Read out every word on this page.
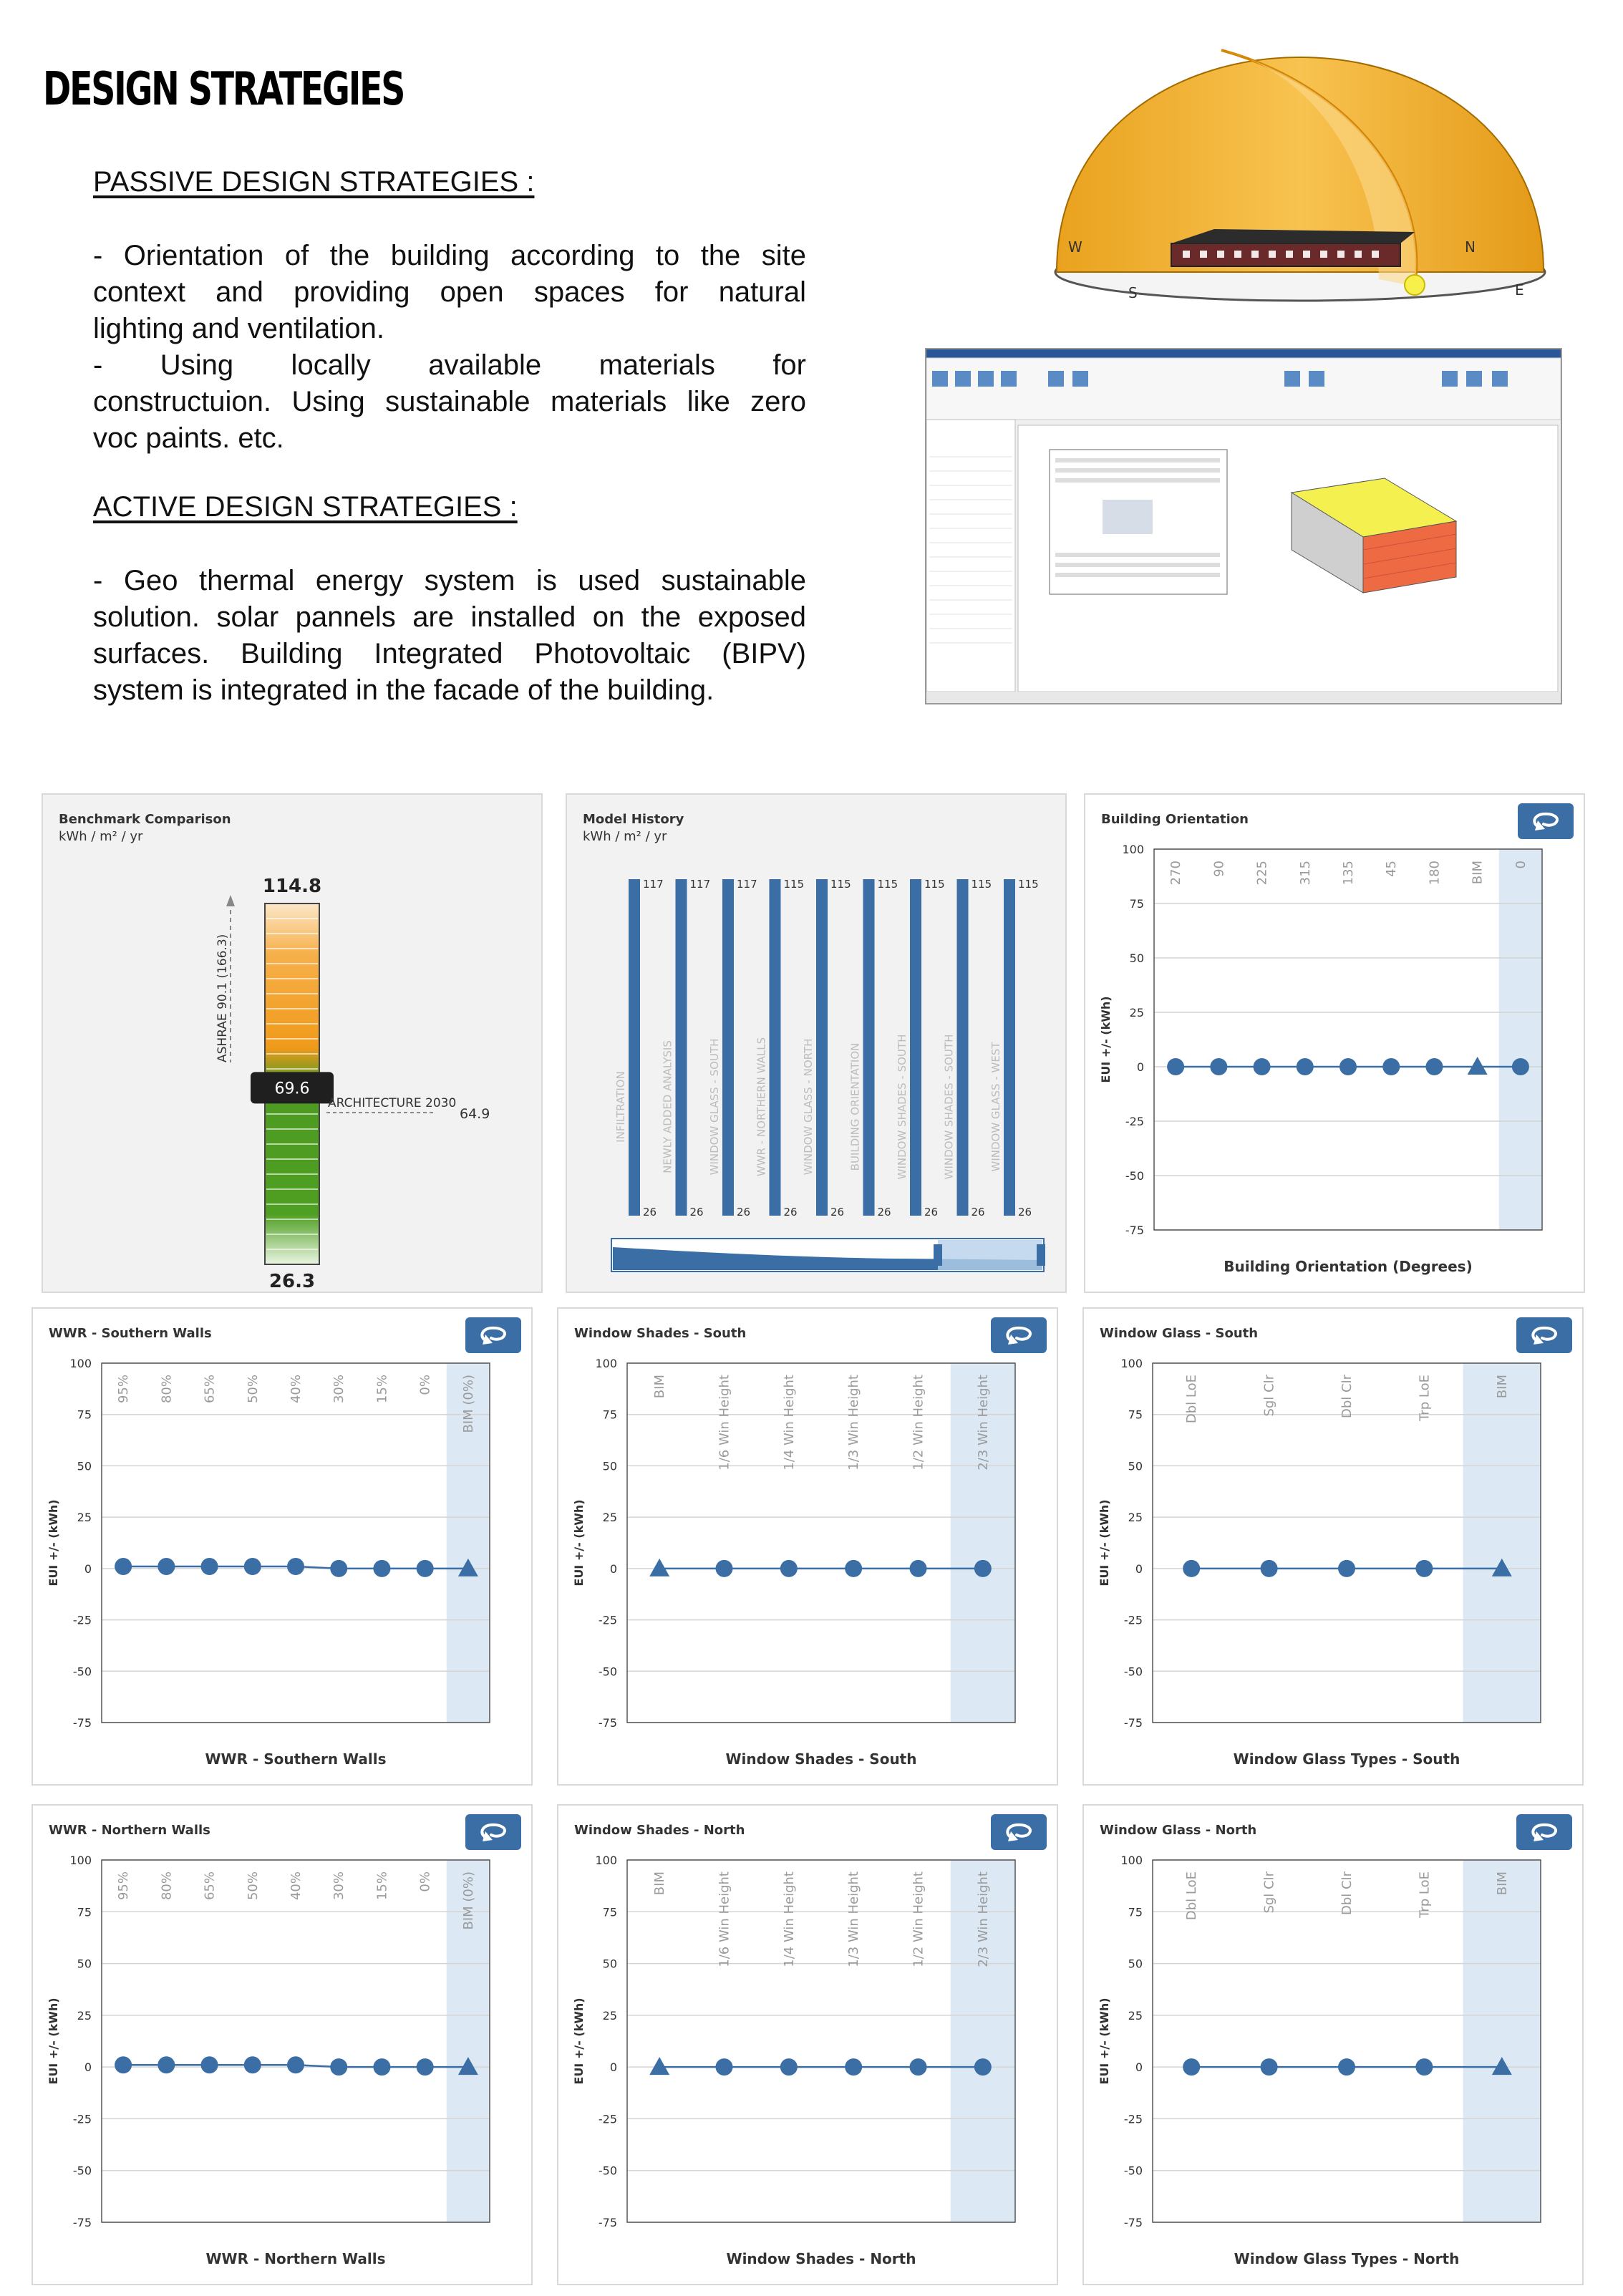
DESIGN STRATEGIES
PASSIVE DESIGN STRATEGIES :
- Orientation of the building according to the site
context and providing open spaces for natural
lighting and ventilation.
- Using locally available materials for
constructuion. Using sustainable materials like zero
voc paints. etc.
ACTIVE DESIGN STRATEGIES :
- Geo thermal energy system is used sustainable
solution. solar pannels are installed on the exposed
surfaces. Building Integrated Photovoltaic (BIPV)
system is integrated in the facade of the building.
W	N
E
S

Benchmark Comparison

kWh / m² / yr

114.8
ASHRAE 90.1 (166.3)
69.6
ARCHITECTURE 2030
64.9
26.3

Model History

kWh / m² / yr

117
26
INFILTRATION
117
26
NEWLY ADDED ANALYSIS
117
26
WINDOW GLASS - SOUTH
115
26
WWR - NORTHERN WALLS
115
26
WINDOW GLASS - NORTH
115
26
BUILDING ORIENTATION
115
26
WINDOW SHADES - SOUTH
115
26
WINDOW SHADES - SOUTH
115
26
WINDOW GLASS - WEST

Building Orientation

100
75
50
25
0
-25
-50
-75
EUI +/- (kWh)
Building Orientation (Degrees)
270 90 225 315 135 45 180 BIM 0

WWR - Southern Walls

100
75
50
25
0
-25
-50
-75
EUI +/- (kWh)
WWR - Southern Walls
95% 80% 65% 50% 40% 30% 15% 0% BIM (0%)

Window Shades - South

100
75
50
25
0
-25
-50
-75
EUI +/- (kWh)
Window Shades - South
BIM	1/6 Win Height	1/4 Win Height	1/3 Win Height	1/2 Win Height	2/3 Win Height

Window Glass - South

100
75
50
25
0
-25
-50
-75
EUI +/- (kWh)
Window Glass Types - South
Dbl LoE	Sgl Clr	Dbl Clr	Trp LoE	BIM

WWR - Northern Walls

100
75
50
25
0
-25
-50
-75
EUI +/- (kWh)
WWR - Northern Walls
95% 80% 65% 50% 40% 30% 15% 0% BIM (0%)

Window Shades - North

100
75
50
25
0
-25
-50
-75
EUI +/- (kWh)
Window Shades - North
BIM	1/6 Win Height	1/4 Win Height	1/3 Win Height	1/2 Win Height	2/3 Win Height

Window Glass - North

100
75
50
25
0
-25
-50
-75
EUI +/- (kWh)
Window Glass Types - North
Dbl LoE	Sgl Clr	Dbl Clr	Trp LoE	BIM
